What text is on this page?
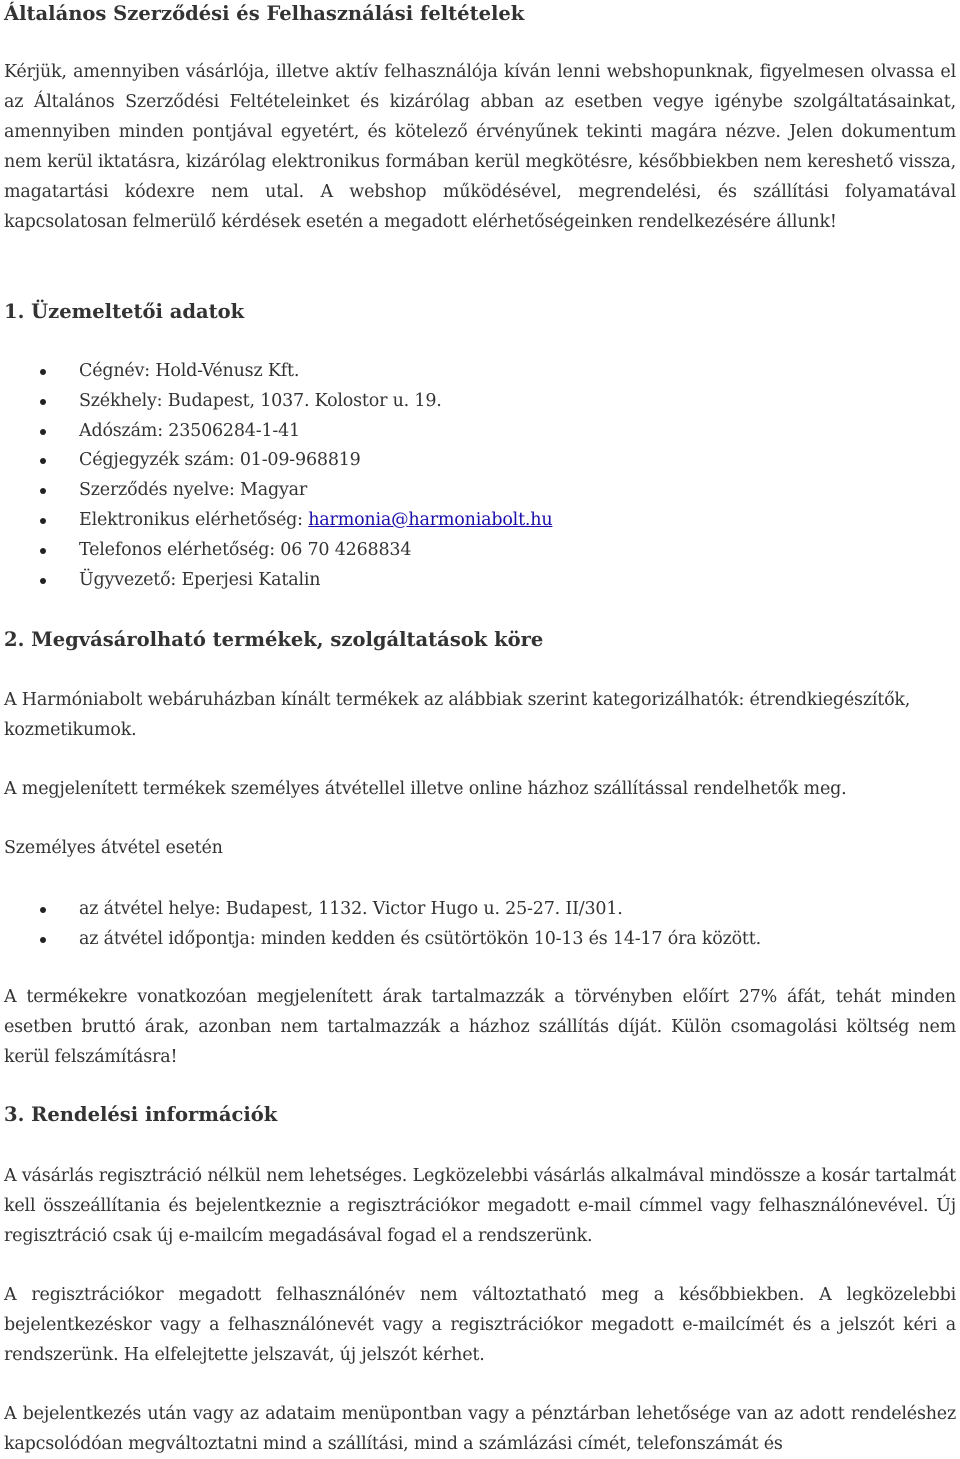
Általános Szerződési és Felhasználási feltételek

Kérjük, amennyiben vásárlója, illetve aktív felhasználója kíván lenni webshopunknak, figyelmesen olvassa el az Általános Szerződési Feltételeinket és kizárólag abban az esetben vegye igénybe szolgáltatásainkat, amennyiben minden pontjával egyetért, és kötelező érvényűnek tekinti magára nézve. Jelen dokumentum nem kerül iktatásra, kizárólag elektronikus formában kerül megkötésre, későbbiekben nem kereshető vissza, magatartási kódexre nem utal. A webshop működésével, megrendelési, és szállítási folyamatával kapcsolatosan felmerülő kérdések esetén a megadott elérhetőségeinken rendelkezésére állunk!

1. Üzemeltetői adatok
Cégnév: Hold-Vénusz Kft.
Székhely: Budapest, 1037. Kolostor u. 19.
Adószám: 23506284-1-41
Cégjegyzék szám: 01-09-968819
Szerződés nyelve: Magyar
Elektronikus elérhetőség: harmonia@harmoniabolt.hu
Telefonos elérhetőség: 06 70 4268834
Ügyvezető: Eperjesi Katalin
2. Megvásárolható termékek, szolgáltatások köre

A Harmóniabolt webáruházban kínált termékek az alábbiak szerint kategorizálhatók: étrendkiegészítők, kozmetikumok.

A megjelenített termékek személyes átvétellel illetve online házhoz szállítással rendelhetők meg.

Személyes átvétel esetén

az átvétel helye: Budapest, 1132. Victor Hugo u. 25-27. II/301.
az átvétel időpontja: minden kedden és csütörtökön 10-13 és 14-17 óra között.

A termékekre vonatkozóan megjelenített árak tartalmazzák a törvényben előírt 27% áfát, tehát minden esetben bruttó árak, azonban nem tartalmazzák a házhoz szállítás díját. Külön csomagolási költség nem kerül felszámításra!

3. Rendelési információk

A vásárlás regisztráció nélkül nem lehetséges. Legközelebbi vásárlás alkalmával mindössze a kosár tartalmát kell összeállítania és bejelentkeznie a regisztrációkor megadott e-mail címmel vagy felhasználónevével. Új regisztráció csak új e-mailcím megadásával fogad el a rendszerünk.

A regisztrációkor megadott felhasználónév nem változtatható meg a későbbiekben. A legközelebbi bejelentkezéskor vagy a felhasználónevét vagy a regisztrációkor megadott e-mailcímét és a jelszót kéri a rendszerünk. Ha elfelejtette jelszavát, új jelszót kérhet.

A bejelentkezés után vagy az adataim menüpontban vagy a pénztárban lehetősége van az adott rendeléshez kapcsolódóan megváltoztatni mind a szállítási, mind a számlázási címét, telefonszámát és
